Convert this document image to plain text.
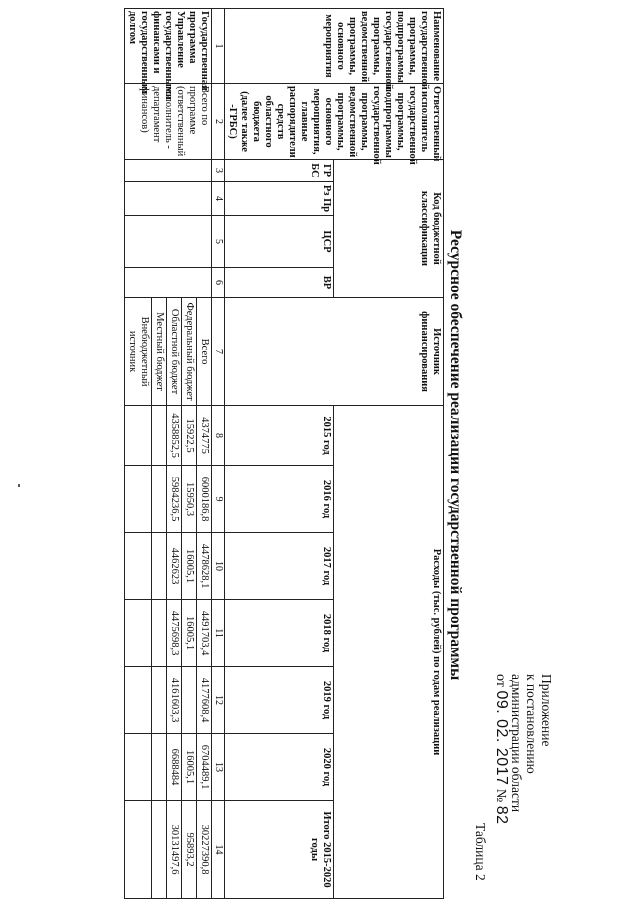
Приложение
к постановлению
администрации области
от 09. 02. 2017 № 82
Таблица 2
Ресурсное обеспечение реализации государственной программы
Наименование государственной программы, подпрограммы государственной программы, ведомственной программы, основного мероприятия	Ответственный исполнитель государственной программы, подпрограммы государственной программы, ведомственной программы, основного мероприятия, главные распорядители средств областного бюджета (далее также -ГРБС)	Код бюджетной классификации				Источник финансирования	Расходы (тыс. рублей) по годам реализации						
		ГР БС	Рз Пр	ЦСР	ВР		2015 год	2016 год	2017 год	2018 год	2019 год	2020 год	Итого 2015-2020 годы
1	2	3	4	5	6	7	8	9	10	11	12	13	14
Государственная программа Управление государственными финансами и государственным долгом	Всего по программе (ответственный исполнитель - департамент финансов)					Всего	4374775	6000186,8	4478628,1	4491703,4	4177608,4	6704489,1	30227390,8
						Федеральный бюджет	15922,5	15950,3	16005,1	16005,1		16005,1	95893,2
						Областной бюджет	4358852,5	5984236,5	4462623	4475698,3	4161603,3	6688484	30131497,6
						Местный бюджет							
						Внебюджетный источник							
